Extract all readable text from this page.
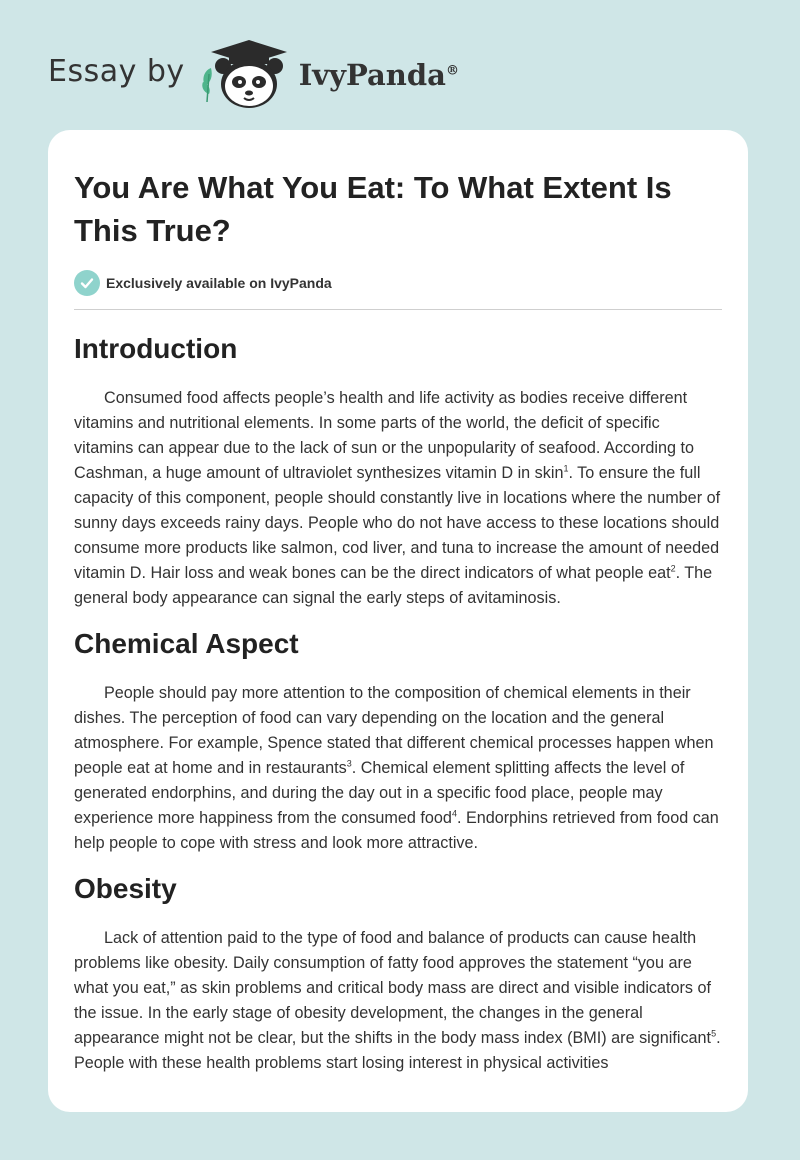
Essay by	IvyPanda®
You Are What You Eat: To What Extent Is This True?
Exclusively available on IvyPanda
Introduction

Consumed food affects people’s health and life activity as bodies receive different vitamins and nutritional elements. In some parts of the world, the deficit of specific vitamins can appear due to the lack of sun or the unpopularity of seafood. According to Cashman, a huge amount of ultraviolet synthesizes vitamin D in skin$^1$. To ensure the full capacity of this component, people should constantly live in locations where the number of sunny days exceeds rainy days. People who do not have access to these locations should consume more products like salmon, cod liver, and tuna to increase the amount of needed vitamin D. Hair loss and weak bones can be the direct indicators of what people eat$^2$. The general body appearance can signal the early steps of avitaminosis.

Chemical Aspect

People should pay more attention to the composition of chemical elements in their dishes. The perception of food can vary depending on the location and the general atmosphere. For example, Spence stated that different chemical processes happen when people eat at home and in restaurants$^3$. Chemical element splitting affects the level of generated endorphins, and during the day out in a specific food place, people may experience more happiness from the consumed food$^4$. Endorphins retrieved from food can help people to cope with stress and look more attractive.

Obesity

Lack of attention paid to the type of food and balance of products can cause health problems like obesity. Daily consumption of fatty food approves the statement “you are what you eat,” as skin problems and critical body mass are direct and visible indicators of the issue. In the early stage of obesity development, the changes in the general appearance might not be clear, but the shifts in the body mass index (BMI) are significant$^5$. People with these health problems start losing interest in physical activities
